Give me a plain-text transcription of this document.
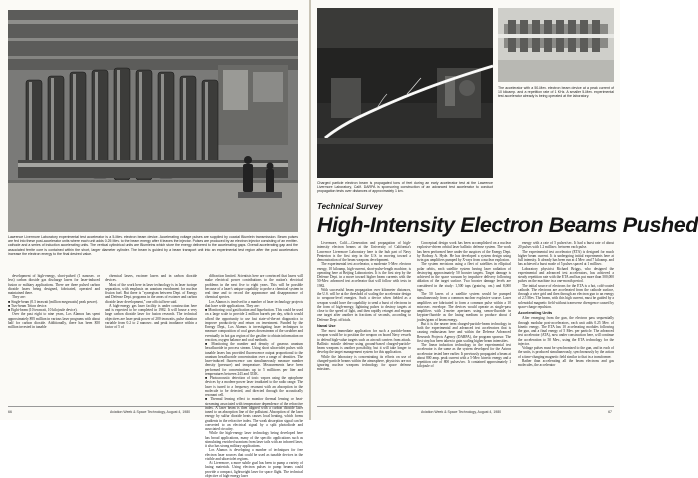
Lawrence Livermore Laboratory experimental test accelerator is a 5-Mev. electron beam device. Accelerating voltage pulses are supplied by coaxial Blumlein transmission. Beam pulses are fed into these post-accelerator units where each unit adds 0.25 Mev. to the beam energy after it leaves the injector. Pulses are produced by an electron injector consisting of an emitter-cathode and a series of induction accelerating units. The vertical cylindrical units are Blumleins which store the energy delivered to the accelerating gaps. Overall accelerating gap and the associated ferrite core is contained within the short, larger diameter cylinder. The beam is guided by a beam transport unit into an experimental test region after the post accelerators increase the electron energy to the final desired value.

development of high-energy, short-pulsed (1 nanosec. or less) carbon dioxide gas discharge lasers for laser-induced fusion or military applications. There are three pulsed carbon dioxide lasers being designed, fabricated, operated and maintained there.

They are:

■ Single-beam (0.3 terawatt [million megawatts] peak power).

■ Two-beam Triton device.

■ Eight-beam (10 terawatt, 10 kilojoule device).

Over the past eight to nine years, Los Alamos has spent approximately $95 million in various laser programs with about half for carbon dioxide. Additionally, there has been $50 million invested in tunable

chemical lasers, excimer lasers and in carbon dioxide devices.

Most of the work here in laser technology is in laser isotope separation, with emphasis on uranium enrichment for nuclear fission fuel. But there is "synergism between Dept. of Energy and Defense Dept. programs in the areas of excimer and carbon dioxide laser development," one official here said.

A high-energy gas laser facility is under construction here and is expected to be completed in 1982. It will house a very large carbon dioxide laser for fusion research. The technical objectives are laser peak power of 200 terawatts, pulse duration variable from 0.2 to 2 nanosec. and peak irradiance within a factor of 5 of

66	Aviation Week & Space Technology, August 4, 1980

diffraction limited. Scientists here are convinced that lasers will make electrical power contributions to the nation's electrical problems in the next five to eight years. This will be possible because of a laser's unique capability to probe a chemical system in real time and to record the appearance and disappearance of chemical species.

Los Alamos is involved in a number of laser technology projects that have wide applications. They are:

■ Monitoring coal gasification and liquefaction. This could be used on a large scale to provide 2 million barrels per day, which would afford the opportunity to use fast state-of-the-art diagnostics to improve productivity and return on investment. Funded by the Energy Dept., Los Alamos is investigating laser techniques to measure composition of coal gases downstream of the scrubber and eventually in hot gas region of the gasifier to obtain information on reaction, oxygen balance and coal methods.

■ Monitoring the number and density of gaseous uranium hexafluoride in process stream. Using short ultraviolet pulses with tunable lasers has provided fluorescence output proportional to the uranium hexafluoride concentration over a range of densities. The laser-induced fluorescence can simultaneously measure number density (pressure) and temperature. Measurements have been performed for concentrations up to 5 millitorrs per liter and temperatures between 243 and 353K.

■ Photoacoustic detection of toxic vapors using the optophone devices by a modern-power laser irradiated to the radio range. The laser is tuned to a frequency resonant with an absorption in the molecule to be detected, and directed through the acoustically resonant cell.

■ Thermal lensing effect to monitor thermal lensing or heat-streaming associated with temperature dependence of the refractive index. A laser beam is then aligned with a carbon dioxide laser tuned to an absorption line of the pollutant. Absorption of the laser energy by sulfur dioxide heats causes local heating, which forms gradients in the refractive index. The weak absorption signal can be converted to an electrical signal by a split photodiode and associated circuitry.

While the high-energy laser technology being developed here has broad applications, many of the specific applications such as stimulating enriched uranium from laser tails with an infrared laser, it also has strong military applications.

Los Alamos is developing a number of techniques for free electron laser sources that could be used as tunable devices in the visible and ultraviolet regions.

At Livermore, a more subtle goal has been to pump a variety of lasing materials. Using electron pulses to pump beams could provide a compact, lightweight laser for space flight. The technical objective of high-energy laser

Charged particle electron beam is propagated tons of feet during an early accelerator test at the Lawrence Livermore Laboratory, Calif. DARPA is sponsoring construction of an advanced test accelerator to conduct propagation tests over distances of approximately 1 km.
The accelerator with a 50-Mev. electron beam device at a peak current of 10 kiloamp. and a repetition rate of 1 KHz. A smaller 5-Mev. experimental test accelerator already is being operated at the laboratory.
Technical Survey
High-Intensity Electron Beams Pushed

Livermore, Calif.—Generation and propagation of high-intensity electron beams at the University of California's Lawrence Livermore Laboratory here is the hub part of Navy Penterion is the first step in the U.S. in moving toward a demonstration of the beam weapons development.

The experimental test accelerator, a moderate 5-Mev. electron energy, 10 kiloamp, high-current, short-pulse-length machine, is operating here at Beijing Laboratories. It is the first step by the Defense Dept. in a move toward higher beam currents with the 50-Mev. advanced test accelerator that will follow with tests in 1982.

With successful beam propagation over kilometer distances, the U.S. will be at the threshold of scaling the accelerator design to weapons-level energies. Such a device when fielded as a weapon would have the capability to send a burst of electrons in the form of high-energy, lightning pulses to destroy targets at close to the speed of light, and then rapidly retarget and engage one target after another in fractions of seconds, according to Defense Dept. officials.

Naval Use

The most immediate application for such a particle-beam weapon would be to position the weapon on board Navy vessels to defend high-value targets such as aircraft carriers from attack. Ballistic missile defense using ground-based charged-particle-beam weapons is another possibility, but it will take longer to develop the target management system for this application.

While the laboratory is concentrating its efforts on use of charged-particle beams within the atmosphere, physicists are not ignoring nuclear weapons technology for space defense missions.

Conceptual design work has been accomplished on a nuclear explosive-driven orbital laser ballistic defense system. The work has been performed here under the auspices of the Energy Dept. by Rodnay A. Hyde. He has developed a system design using twin gas amplifiers pumped by X-rays from a nuclear explosion.

The system envisions using a fleet of satellites in elliptical polar orbits, each satellite system having laser radiation of destroying approximately 50 booster targets. Target damage is achieved in the space vacuum by impulsive delivery following ablation of the target surface. Two booster damage levels are considered in the study: 1,500 taps (grain/sq. cm.) and 8,000 taps.

The 50 lasers of a satellite system would be pumped simultaneously from a common nuclear explosive source. Laser amplifiers are fabricated to form a common pulse within a 10 microsec. envelope. The devices would operate as single-pass amplifiers with 2-meter apertures using xenon-fluoride in krypton-fluoride as the lasing medium to produce about 4 joules/gram of beam energy.

But it is the nearer term charged-particle-beam technology in both the experimental and advanced test accelerators that is causing enthusiasm here and within the Defense Advanced Research Projects Agency (DARPA), the program sponsor. The first step has been taken to gain scaling higher beam intensities.

The linear induction technology in the experimental test accelerator is the same as the system developed for the Astron accelerator tested here earlier. It previously propagated a beam at about 800 amp. peak current with a 5-Mev. kinetic energy and a repetition rate of 800 pulses/sec. It contained approximately 1 kilojoule of

energy with a rate of 5 pulses/sec. It had a burst rate of about 20 pulses with 1.2 millisec. between each pulse.

The experimental test accelerator (ETA) is designed for much higher beam current. It is undergoing initial experiments here at full intensity. It already has been run at 4 Mev. and 7 kiloamp. and has achieved a burst mode of 5 pulses spaced at 1 millisec.

Laboratory physicist Richard Briggs, who designed the experimental and advanced test accelerators, has achieved a steady repetition rate with the ETA and has put more than 500,000 pulses on the machine in a one-month period.

The initial source of electrons for the ETA is a hot, cold-coated cathode. The electrons are accelerated from the cathode surface, through a wire grid and then through an electron gun to an energy of 2.5 Mev. The beam, with this high current, must be guided by a solenoidal magnetic field without transverse divergence caused by space-charge repulsion.

Accelerating Units

After emerging from the gun, the electron pass sequentially through modular post-accelerators, each unit adds 0.25 Mev. of kinetic energy. The ETA has 10 accelerating modules following the gun, and a final energy of 5 Mev. per particle. The advanced test accelerator (ATA), now under construction here, will continue the acceleration to 50 Mev., using the ETA technology for the injector.

Voltage pulses must be synchronized to the gun, and in each of the units, is produced simultaneously, synchronously by the action of a time-charging magnetic field similar to that in a transformer.

Rather than accelerating all the beam electrons and gas molecules, the accelerator

Aviation Week & Space Technology, August 4, 1980	67
